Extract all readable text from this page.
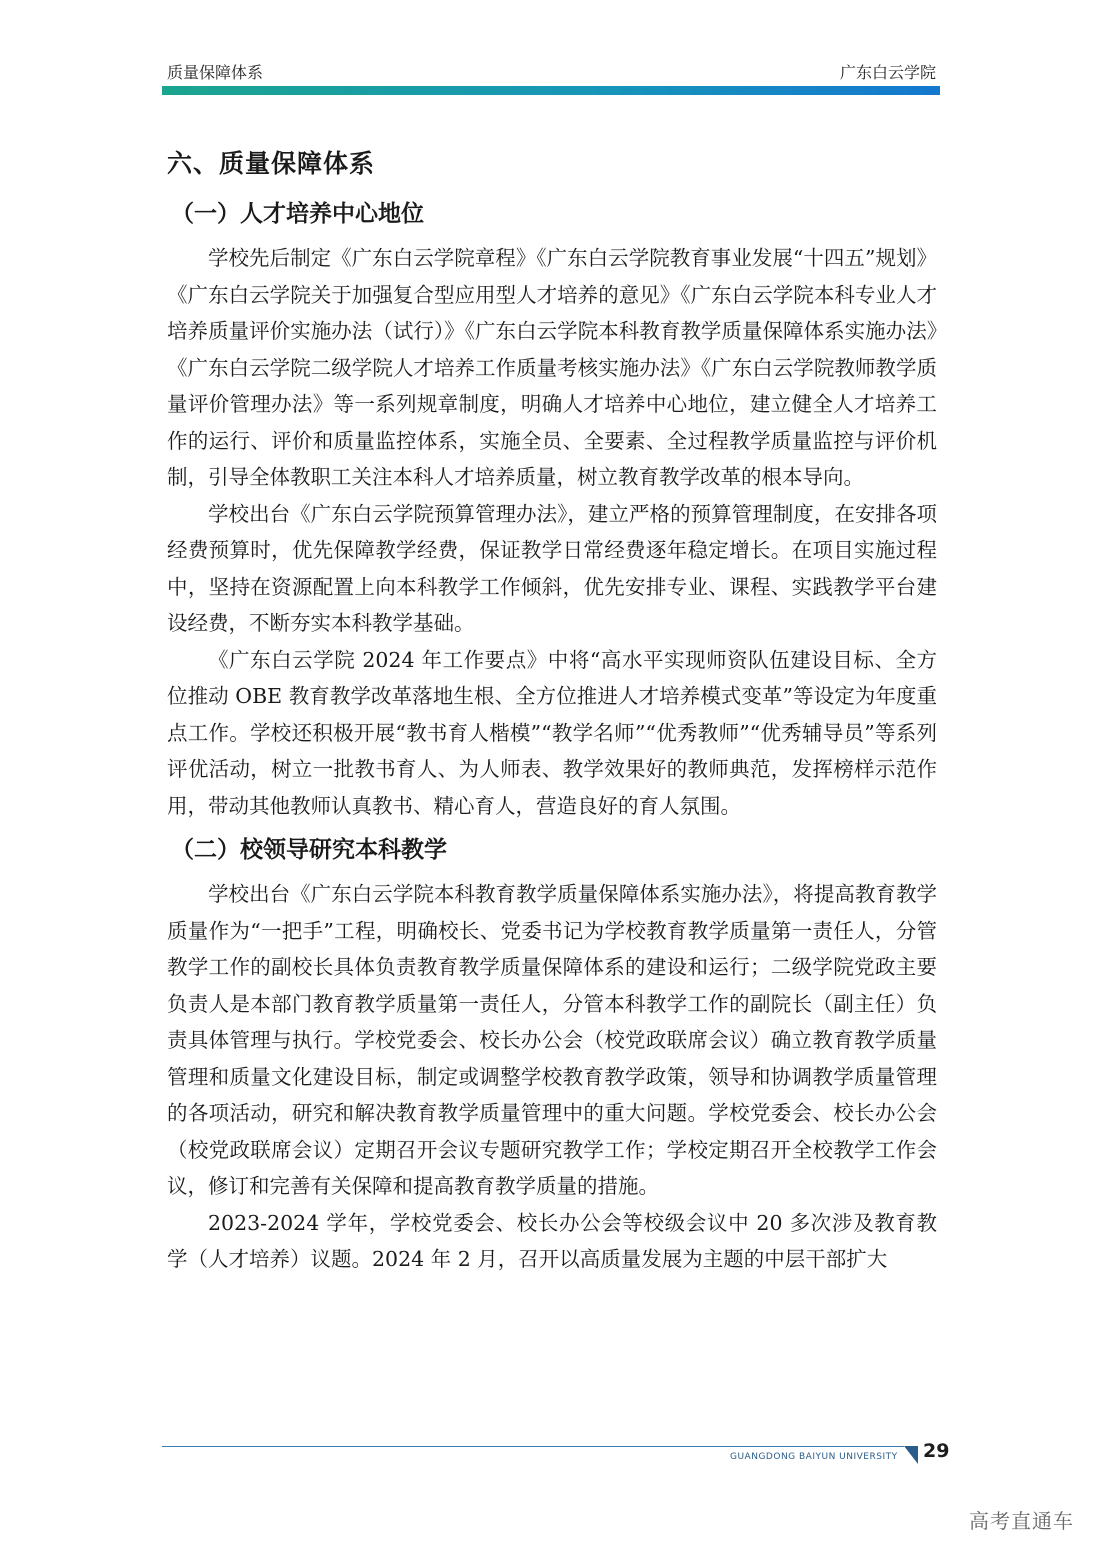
质量保障体系	广东白云学院
六、质量保障体系
（一）人才培养中心地位

学校先后制定《广东白云学院章程》《广东白云学院教育事业发展“十四五”规划》《广东白云学院关于加强复合型应用型人才培养的意见》《广东白云学院本科专业人才培养质量评价实施办法（试行）》《广东白云学院本科教育教学质量保障体系实施办法》《广东白云学院二级学院人才培养工作质量考核实施办法》《广东白云学院教师教学质量评价管理办法》等一系列规章制度，明确人才培养中心地位，建立健全人才培养工作的运行、评价和质量监控体系，实施全员、全要素、全过程教学质量监控与评价机制，引导全体教职工关注本科人才培养质量，树立教育教学改革的根本导向。

学校出台《广东白云学院预算管理办法》，建立严格的预算管理制度，在安排各项经费预算时，优先保障教学经费，保证教学日常经费逐年稳定增长。在项目实施过程中，坚持在资源配置上向本科教学工作倾斜，优先安排专业、课程、实践教学平台建设经费，不断夯实本科教学基础。

《广东白云学院 2024 年工作要点》中将“高水平实现师资队伍建设目标、全方位推动 OBE 教育教学改革落地生根、全方位推进人才培养模式变革”等设定为年度重点工作。学校还积极开展“教书育人楷模”“教学名师”“优秀教师”“优秀辅导员”等系列评优活动，树立一批教书育人、为人师表、教学效果好的教师典范，发挥榜样示范作用，带动其他教师认真教书、精心育人，营造良好的育人氛围。

（二）校领导研究本科教学

学校出台《广东白云学院本科教育教学质量保障体系实施办法》，将提高教育教学质量作为“一把手”工程，明确校长、党委书记为学校教育教学质量第一责任人，分管教学工作的副校长具体负责教育教学质量保障体系的建设和运行；二级学院党政主要负责人是本部门教育教学质量第一责任人，分管本科教学工作的副院长（副主任）负责具体管理与执行。学校党委会、校长办公会（校党政联席会议）确立教育教学质量管理和质量文化建设目标，制定或调整学校教育教学政策，领导和协调教学质量管理的各项活动，研究和解决教育教学质量管理中的重大问题。学校党委会、校长办公会（校党政联席会议）定期召开会议专题研究教学工作；学校定期召开全校教学工作会议，修订和完善有关保障和提高教育教学质量的措施。

2023-2024 学年，学校党委会、校长办公会等校级会议中 20 多次涉及教育教学（人才培养）议题。2024 年 2 月，召开以高质量发展为主题的中层干部扩大

GUANGDONG BAIYUN UNIVERSITY 29
高考直通车
